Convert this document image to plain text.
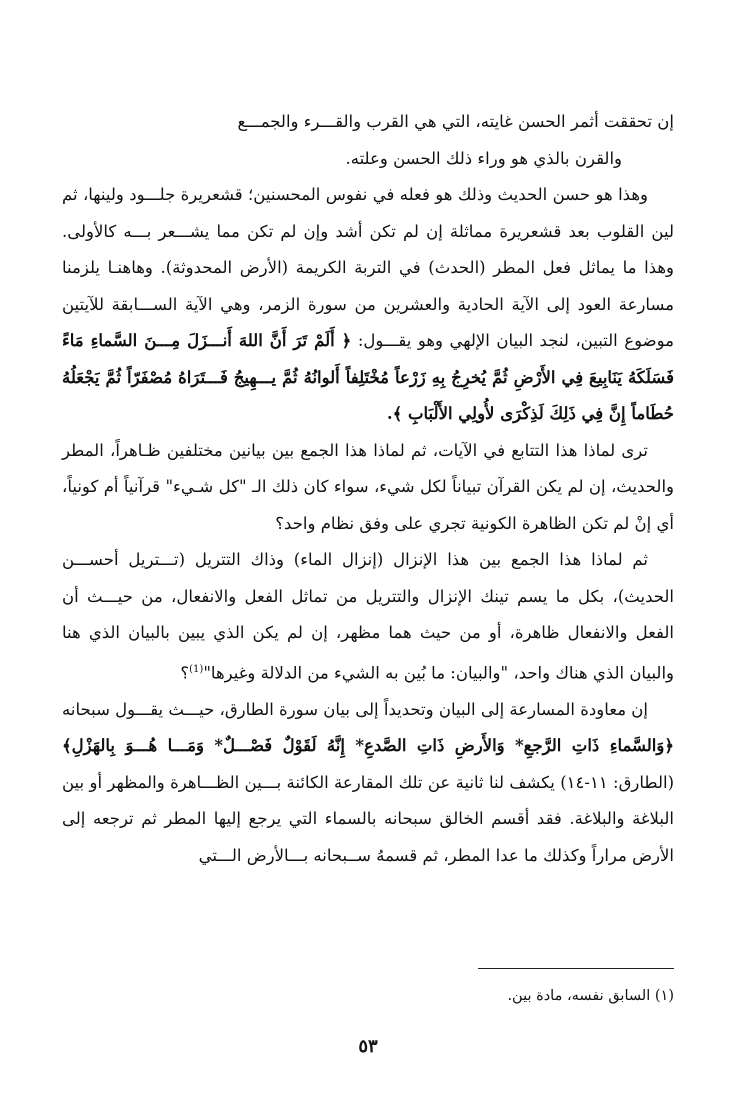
إن تحققت أثمر الحسن غايته، التي هي القرب والقـــرء والجمـــع

والقرن بالذي هو وراء ذلك الحسن وعلته.

وهذا هو حسن الحديث وذلك هو فعله في نفوس المحسنين؛ قشعريرة جلـــود ولينها، ثم لين القلوب بعد قشعريرة مماثلة إن لم تكن أشد وإن لم تكن مما يشـــعر بـــه كالأولى. وهذا ما يماثل فعل المطر (الحدث) في التربة الكريمة (الأرض المحدوثة). وهاهنـا يلزمنا مسارعة العود إلى الآية الحادية والعشرين من سورة الزمر، وهي الآية الســـابقة للآيتين موضوع التبين، لنجد البيان الإلهي وهو يقـــول: ﴿ أَلَمْ تَرَ أَنَّ اللهَ أَنـــزَلَ مِـــنَ السَّماءِ مَاءً فَسَلَكَهُ يَنَابِيعَ فِي الأَرْضِ ثُمَّ يُخرِجُ بِهِ زَرْعاً مُخْتَلِفاً أَلوانُهُ ثُمَّ يـــهِيجُ فَـــتَرَاهُ مُصْفَرّاً ثُمَّ يَجْعَلُهُ حُطَاماً إِنَّ فِي ذَلِكَ لَذِكْرَى لأُولِي الأَلْبَابِ ﴾.

ترى لماذا هذا التتابع في الآيات، ثم لماذا هذا الجمع بين بيانين مختلفين ظـاهراً، المطر والحديث، إن لم يكن القرآن تبياناً لكل شيء، سواء كان ذلك الـ "كل شـيء" قرآنياً أم كونياً، أي إنْ لم تكن الظاهرة الكونية تجري على وفق نظام واحد؟

ثم لماذا هذا الجمع بين هذا الإنزال (إنزال الماء) وذاك التتريل (تـــتريل أحســـن الحديث)، بكل ما يسم تينك الإنزال والتتريل من تماثل الفعل والانفعال، من حيـــث أن الفعل والانفعال ظاهرة، أو من حيث هما مظهر، إن لم يكن الذي يبين بالبيان الذي هنا والبيان الذي هناك واحد، "والبيان: ما بُين به الشيء من الدلالة وغيرها"$^{(1)}$؟

إن معاودة المسارعة إلى البيان وتحديداً إلى بيان سورة الطارق، حيـــث يقـــول سبحانه ﴿وَالسَّماءِ ذَاتِ الرَّجعِ* وَالأَرضِ ذَاتِ الصَّدعِ* إِنَّهُ لَقَوْلٌ فَصْـــلٌ* وَمَـــا هُـــوَ بِالهَزْلِ﴾ (الطارق: ١١-١٤) يكشف لنا ثانية عن تلك المقارعة الكائنة بـــين الظـــاهرة والمظهر أو بين البلاغة والبلاغة. فقد أقسم الخالق سبحانه بالسماء التي يرجع إليها المطر ثم ترجعه إلى الأرض مراراً وكذلك ما عدا المطر، ثم قسمهُ ســبحانه بـــالأرض الـــتي

(١) السابق نفسه، مادة بين.
٥٣
